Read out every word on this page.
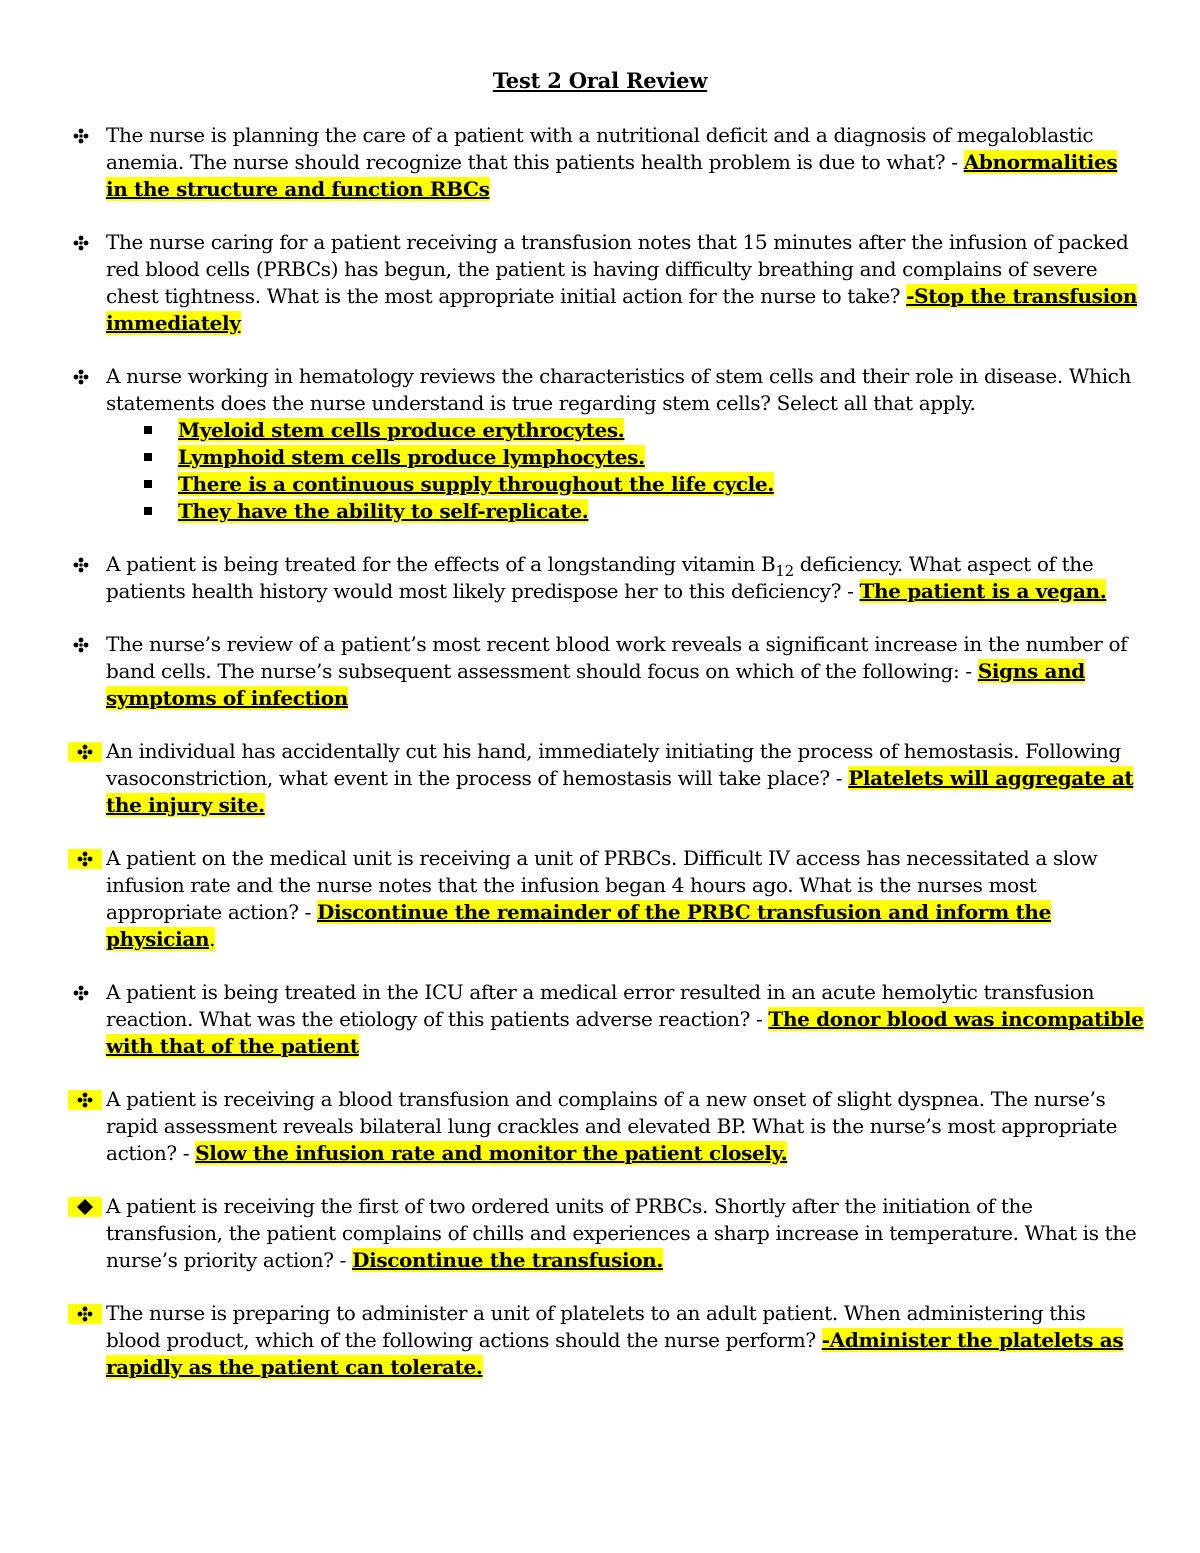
Test 2 Oral Review
The nurse is planning the care of a patient with a nutritional deficit and a diagnosis of megaloblastic anemia. The nurse should recognize that this patients health problem is due to what? - Abnormalities in the structure and function RBCs
The nurse caring for a patient receiving a transfusion notes that 15 minutes after the infusion of packed red blood cells (PRBCs) has begun, the patient is having difficulty breathing and complains of severe chest tightness. What is the most appropriate initial action for the nurse to take? -Stop the transfusion immediately
A nurse working in hematology reviews the characteristics of stem cells and their role in disease. Which statements does the nurse understand is true regarding stem cells? Select all that apply.
Myeloid stem cells produce erythrocytes.
Lymphoid stem cells produce lymphocytes.
There is a continuous supply throughout the life cycle.
They have the ability to self-replicate.
A patient is being treated for the effects of a longstanding vitamin $B_{12}$ deficiency. What aspect of the patients health history would most likely predispose her to this deficiency? - The patient is a vegan.
The nurse’s review of a patient’s most recent blood work reveals a significant increase in the number of band cells. The nurse’s subsequent assessment should focus on which of the following: - Signs and symptoms of infection
An individual has accidentally cut his hand, immediately initiating the process of hemostasis. Following vasoconstriction, what event in the process of hemostasis will take place? - Platelets will aggregate at the injury site.
A patient on the medical unit is receiving a unit of PRBCs. Difficult IV access has necessitated a slow infusion rate and the nurse notes that the infusion began 4 hours ago. What is the nurses most appropriate action? - Discontinue the remainder of the PRBC transfusion and inform the physician.
A patient is being treated in the ICU after a medical error resulted in an acute hemolytic transfusion reaction. What was the etiology of this patients adverse reaction? - The donor blood was incompatible with that of the patient
A patient is receiving a blood transfusion and complains of a new onset of slight dyspnea. The nurse’s rapid assessment reveals bilateral lung crackles and elevated BP. What is the nurse’s most appropriate action? - Slow the infusion rate and monitor the patient closely.
A patient is receiving the first of two ordered units of PRBCs. Shortly after the initiation of the transfusion, the patient complains of chills and experiences a sharp increase in temperature. What is the nurse’s priority action? - Discontinue the transfusion.
The nurse is preparing to administer a unit of platelets to an adult patient. When administering this blood product, which of the following actions should the nurse perform? -Administer the platelets as rapidly as the patient can tolerate.
